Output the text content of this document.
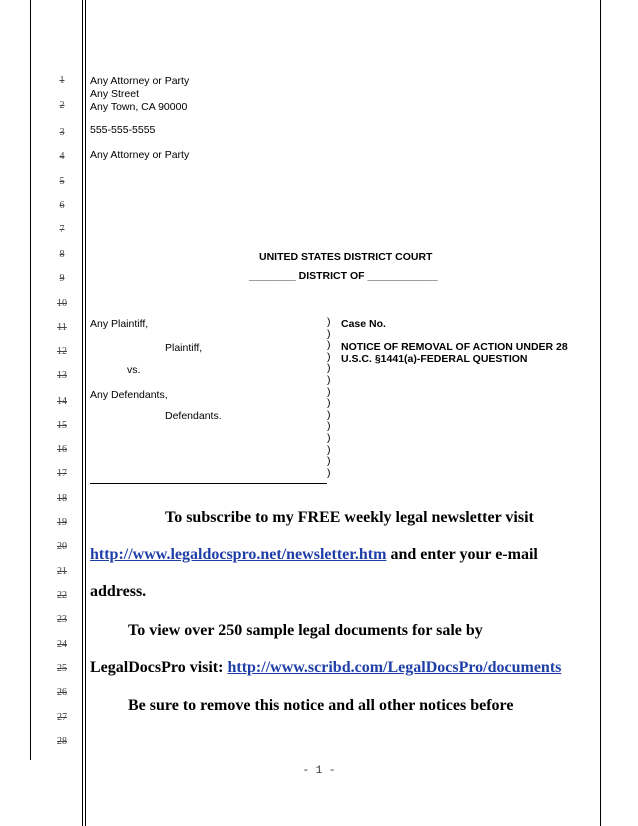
1
2
3
4
5
6
7
8
9
10
11
12
13
14
15
16
17
18
19
20
21
22
23
24
25
26
27
28
Any Attorney or Party
Any Street
Any Town, CA 90000
555-555-5555
Any Attorney or Party
UNITED STATES DISTRICT COURT
________ DISTRICT OF ____________
Any Plaintiff,
Plaintiff,
vs.
Any Defendants,
Defendants.
)
)
)
)
)
)
)
)
)
)
)
)
)
)
Case No.
NOTICE OF REMOVAL OF ACTION UNDER 28
U.S.C. §1441(a)-FEDERAL QUESTION
To subscribe to my FREE weekly legal newsletter visit
http://www.legaldocspro.net/newsletter.htm and enter your e-mail
address.
To view over 250 sample legal documents for sale by
LegalDocsPro visit: http://www.scribd.com/LegalDocsPro/documents
Be sure to remove this notice and all other notices before
- 1 -
